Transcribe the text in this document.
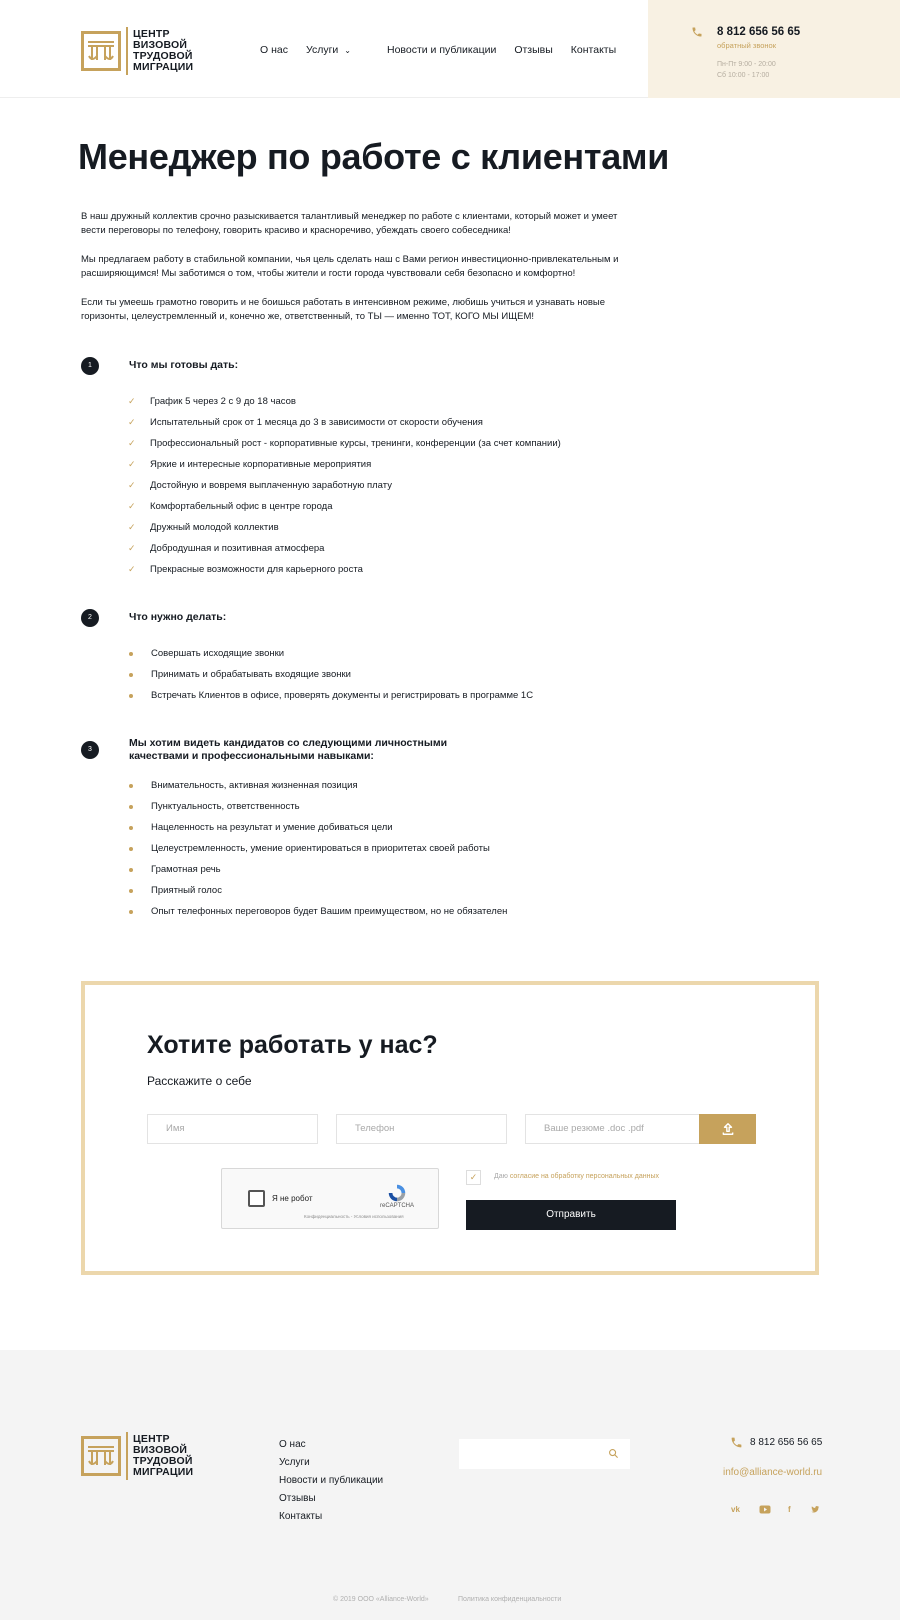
ЦЕНТР
ВИЗОВОЙ
ТРУДОВОЙ
МИГРАЦИИ
О нас Услуги ⌄	Новости и публикации Отзывы Контакты
8 812 656 56 65
обратный звонок
Пн-Пт 9:00 - 20:00
Сб 10:00 - 17:00
Менеджер по работе с клиентами

В наш дружный коллектив срочно разыскивается талантливый менеджер по работе с клиентами, который может и умеет вести переговоры по телефону, говорить красиво и красноречиво, убеждать своего собеседника!

Мы предлагаем работу в стабильной компании, чья цель сделать наш с Вами регион инвестиционно-привлекательным и расширяющимся! Мы заботимся о том, чтобы жители и гости города чувствовали себя безопасно и комфортно!

Если ты умеешь грамотно говорить и не боишься работать в интенсивном режиме, любишь учиться и узнавать новые горизонты, целеустремленный и, конечно же, ответственный, то ТЫ — именно ТОТ, КОГО МЫ ИЩЕМ!

1	Что мы готовы дать:
✓	График 5 через 2 с 9 до 18 часов
✓	Испытательный срок от 1 месяца до 3 в зависимости от скорости обучения
✓	Профессиональный рост - корпоративные курсы, тренинги, конференции (за счет компании)
✓	Яркие и интересные корпоративные мероприятия
✓	Достойную и вовремя выплаченную заработную плату
✓	Комфортабельный офис в центре города
✓	Дружный молодой коллектив
✓	Добродушная и позитивная атмосфера
✓	Прекрасные возможности для карьерного роста
2	Что нужно делать:
Совершать исходящие звонки
Принимать и обрабатывать входящие звонки
Встречать Клиентов в офисе, проверять документы и регистрировать в программе 1С
3
Мы хотим видеть кандидатов со следующими личностными
качествами и профессиональными навыками:
Внимательность, активная жизненная позиция
Пунктуальность, ответственность
Нацеленность на результат и умение добиваться цели
Целеустремленность, умение ориентироваться в приоритетах своей работы
Грамотная речь
Приятный голос
Опыт телефонных переговоров будет Вашим преимуществом, но не обязателен
Хотите работать у нас?
Расскажите о себе
Имя	Телефон	Ваше резюме .doc .pdf
Я не робот
reCAPTCHA
Конфиденциальность - Условия использования
✓	Даю согласие на обработку персональных данных
Отправить
ЦЕНТР
ВИЗОВОЙ
ТРУДОВОЙ
МИГРАЦИИ
О нас
Услуги
Новости и публикации
Отзывы
Контакты
8 812 656 56 65
info@alliance-world.ru
vk	f
© 2019 ООО «Alliance-World»	Политика конфиденциальности
